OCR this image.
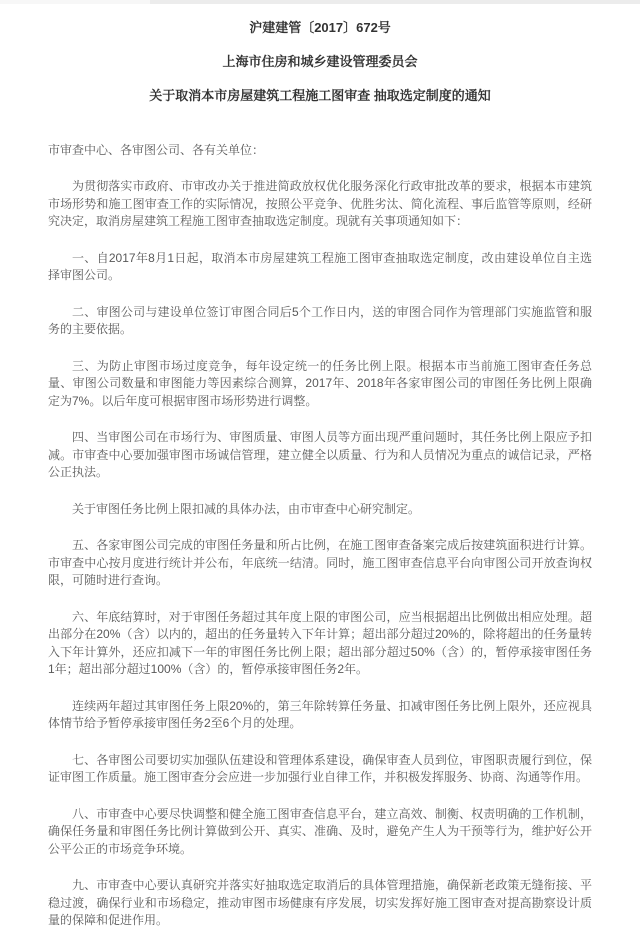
沪建建管〔2017〕672号

上海市住房和城乡建设管理委员会

关于取消本市房屋建筑工程施工图审查 抽取选定制度的通知

市审查中心、各审图公司、各有关单位：

为贯彻落实市政府、市审改办关于推进简政放权优化服务深化行政审批改革的要求，根据本市建筑市场形势和施工图审查工作的实际情况，按照公平竞争、优胜劣汰、简化流程、事后监管等原则，经研究决定，取消房屋建筑工程施工图审查抽取选定制度。现就有关事项通知如下：

一、自2017年8月1日起，取消本市房屋建筑工程施工图审查抽取选定制度，改由建设单位自主选择审图公司。

二、审图公司与建设单位签订审图合同后5个工作日内，送的审图合同作为管理部门实施监管和服务的主要依据。

三、为防止审图市场过度竞争，每年设定统一的任务比例上限。根据本市当前施工图审查任务总量、审图公司数量和审图能力等因素综合测算，2017年、2018年各家审图公司的审图任务比例上限确定为7%。以后年度可根据审图市场形势进行调整。

四、当审图公司在市场行为、审图质量、审图人员等方面出现严重问题时，其任务比例上限应予扣减。市审查中心要加强审图市场诚信管理，建立健全以质量、行为和人员情况为重点的诚信记录，严格公正执法。

关于审图任务比例上限扣减的具体办法，由市审查中心研究制定。

五、各家审图公司完成的审图任务量和所占比例，在施工图审查备案完成后按建筑面积进行计算。市审查中心按月度进行统计并公布，年底统一结清。同时，施工图审查信息平台向审图公司开放查询权限，可随时进行查询。

六、年底结算时，对于审图任务超过其年度上限的审图公司，应当根据超出比例做出相应处理。超出部分在20%（含）以内的，超出的任务量转入下年计算；超出部分超过20%的，除将超出的任务量转入下年计算外，还应扣减下一年的审图任务比例上限；超出部分超过50%（含）的，暂停承接审图任务1年；超出部分超过100%（含）的，暂停承接审图任务2年。

连续两年超过其审图任务上限20%的，第三年除转算任务量、扣减审图任务比例上限外，还应视具体情节给予暂停承接审图任务2至6个月的处理。

七、各审图公司要切实加强队伍建设和管理体系建设，确保审查人员到位，审图职责履行到位，保证审图工作质量。施工图审查分会应进一步加强行业自律工作，并积极发挥服务、协商、沟通等作用。

八、市审查中心要尽快调整和健全施工图审查信息平台，建立高效、制衡、权责明确的工作机制，确保任务量和审图任务比例计算做到公开、真实、准确、及时，避免产生人为干预等行为，维护好公开公平公正的市场竞争环境。

九、市审查中心要认真研究并落实好抽取选定取消后的具体管理措施，确保新老政策无缝衔接、平稳过渡，确保行业和市场稳定，推动审图市场健康有序发展，切实发挥好施工图审查对提高勘察设计质量的保障和促进作用。
